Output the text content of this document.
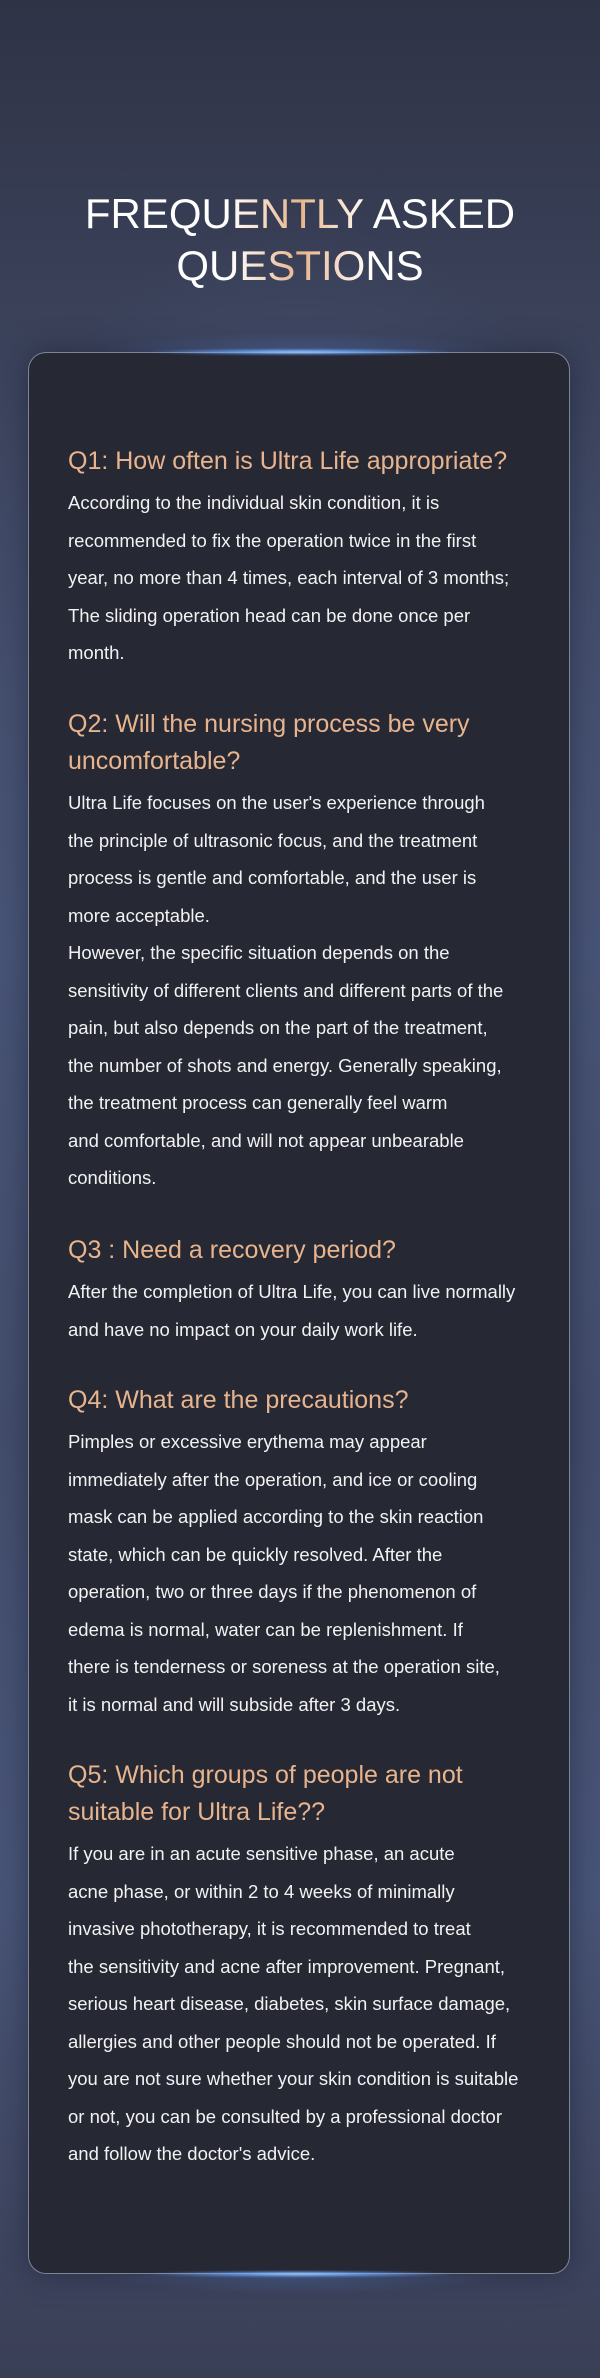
FREQUENTLY ASKED
QUESTIONS
Q1: How often is Ultra Life appropriate?

According to the individual skin condition, it is
recommended to fix the operation twice in the first
year, no more than 4 times, each interval of 3 months;
The sliding operation head can be done once per
month.

Q2: Will the nursing process be very
uncomfortable?

Ultra Life focuses on the user's experience through
the principle of ultrasonic focus, and the treatment
process is gentle and comfortable, and the user is
more acceptable.
However, the specific situation depends on the
sensitivity of different clients and different parts of the
pain, but also depends on the part of the treatment,
the number of shots and energy. Generally speaking,
the treatment process can generally feel warm
and comfortable, and will not appear unbearable
conditions.

Q3 : Need a recovery period?

After the completion of Ultra Life, you can live normally
and have no impact on your daily work life.

Q4: What are the precautions?

Pimples or excessive erythema may appear
immediately after the operation, and ice or cooling
mask can be applied according to the skin reaction
state, which can be quickly resolved. After the
operation, two or three days if the phenomenon of
edema is normal, water can be replenishment. If
there is tenderness or soreness at the operation site,
it is normal and will subside after 3 days.

Q5: Which groups of people are not
suitable for Ultra Life??

If you are in an acute sensitive phase, an acute
acne phase, or within 2 to 4 weeks of minimally
invasive phototherapy, it is recommended to treat
the sensitivity and acne after improvement. Pregnant,
serious heart disease, diabetes, skin surface damage,
allergies and other people should not be operated. If
you are not sure whether your skin condition is suitable
or not, you can be consulted by a professional doctor
and follow the doctor's advice.
